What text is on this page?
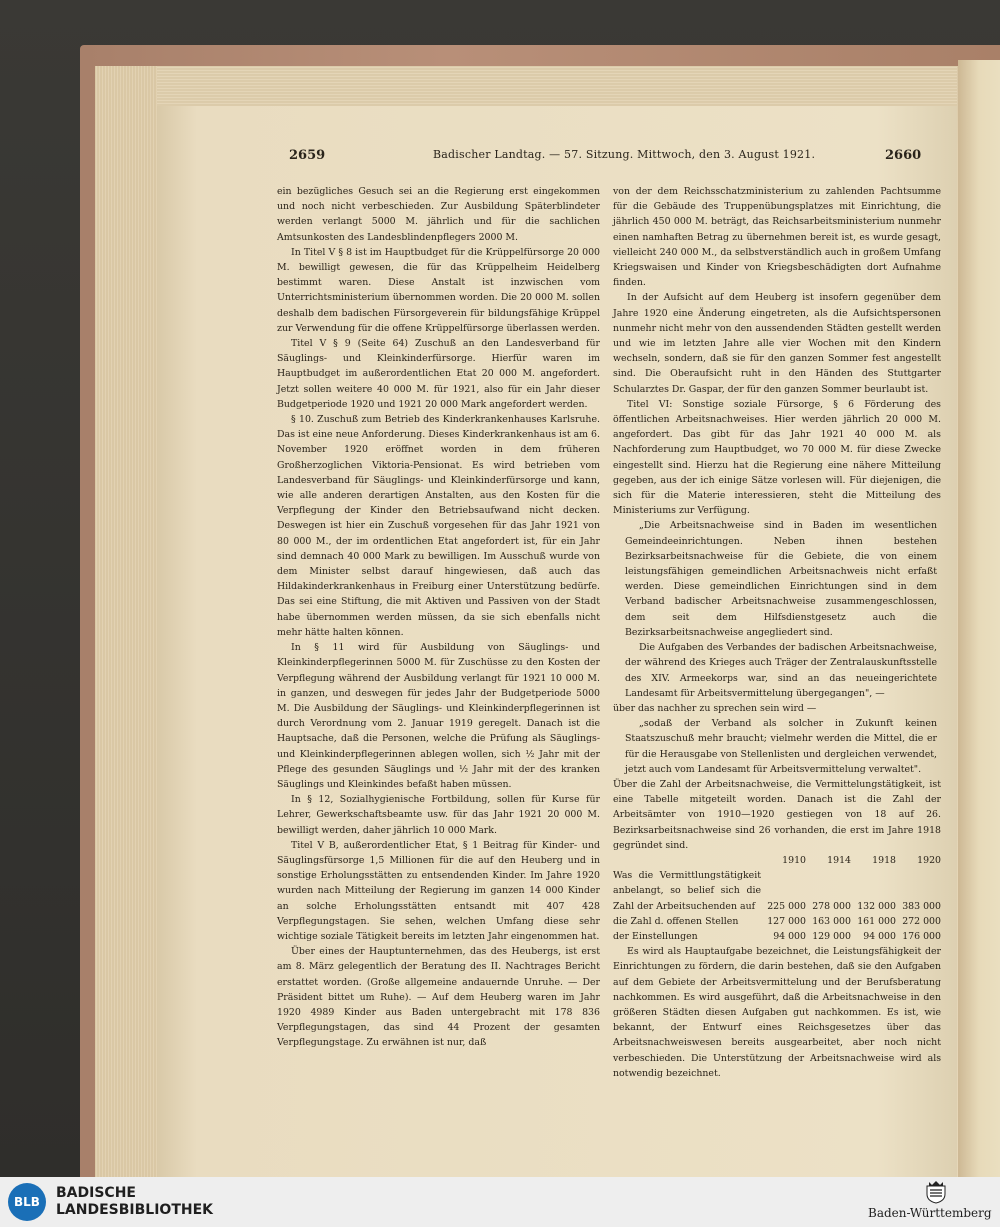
2659	Badischer Landtag. — 57. Sitzung. Mittwoch, den 3. August 1921.	2660

ein bezügliches Gesuch sei an die Regierung erst eingekommen und noch nicht verbeschieden. Zur Ausbildung Späterblindeter werden verlangt 5000 M. jährlich und für die sachlichen Amtsunkosten des Landesblindenpflegers 2000 M.

In Titel V § 8 ist im Hauptbudget für die Krüppelfürsorge 20 000 M. bewilligt gewesen, die für das Krüppelheim Heidelberg bestimmt waren. Diese Anstalt ist inzwischen vom Unterrichtsministerium übernommen worden. Die 20 000 M. sollen deshalb dem badischen Fürsorgeverein für bildungsfähige Krüppel zur Verwendung für die offene Krüppelfürsorge überlassen werden.

Titel V § 9 (Seite 64) Zuschuß an den Landesverband für Säuglings- und Kleinkinderfürsorge. Hierfür waren im Hauptbudget im außerordentlichen Etat 20 000 M. angefordert. Jetzt sollen weitere 40 000 M. für 1921, also für ein Jahr dieser Budgetperiode 1920 und 1921 20 000 Mark angefordert werden.

§ 10. Zuschuß zum Betrieb des Kinderkrankenhauses Karlsruhe. Das ist eine neue Anforderung. Dieses Kinderkrankenhaus ist am 6. November 1920 eröffnet worden in dem früheren Großherzoglichen Viktoria-Pensionat. Es wird betrieben vom Landesverband für Säuglings- und Kleinkinderfürsorge und kann, wie alle anderen derartigen Anstalten, aus den Kosten für die Verpflegung der Kinder den Betriebsaufwand nicht decken. Deswegen ist hier ein Zuschuß vorgesehen für das Jahr 1921 von 80 000 M., der im ordentlichen Etat angefordert ist, für ein Jahr sind demnach 40 000 Mark zu bewilligen. Im Ausschuß wurde von dem Minister selbst darauf hingewiesen, daß auch das Hildakinderkrankenhaus in Freiburg einer Unterstützung bedürfe. Das sei eine Stiftung, die mit Aktiven und Passiven von der Stadt habe übernommen werden müssen, da sie sich ebenfalls nicht mehr hätte halten können.

In § 11 wird für Ausbildung von Säuglings- und Kleinkinderpflegerinnen 5000 M. für Zuschüsse zu den Kosten der Verpflegung während der Ausbildung verlangt für 1921 10 000 M. in ganzen, und deswegen für jedes Jahr der Budgetperiode 5000 M. Die Ausbildung der Säuglings- und Kleinkinderpflegerinnen ist durch Verordnung vom 2. Januar 1919 geregelt. Danach ist die Hauptsache, daß die Personen, welche die Prüfung als Säuglings- und Kleinkinderpflegerinnen ablegen wollen, sich ½ Jahr mit der Pflege des gesunden Säuglings und ½ Jahr mit der des kranken Säuglings und Kleinkindes befaßt haben müssen.

In § 12, Sozialhygienische Fortbildung, sollen für Kurse für Lehrer, Gewerkschaftsbeamte usw. für das Jahr 1921 20 000 M. bewilligt werden, daher jährlich 10 000 Mark.

Titel V B, außerordentlicher Etat, § 1 Beitrag für Kinder- und Säuglingsfürsorge 1,5 Millionen für die auf den Heuberg und in sonstige Erholungsstätten zu entsendenden Kinder. Im Jahre 1920 wurden nach Mitteilung der Regierung im ganzen 14 000 Kinder an solche Erholungsstätten entsandt mit 407 428 Verpflegungstagen. Sie sehen, welchen Umfang diese sehr wichtige soziale Tätigkeit bereits im letzten Jahr eingenommen hat.

Über eines der Hauptunternehmen, das des Heubergs, ist erst am 8. März gelegentlich der Beratung des II. Nachtrages Bericht erstattet worden. (Große allgemeine andauernde Unruhe. — Der Präsident bittet um Ruhe). — Auf dem Heuberg waren im Jahr 1920 4989 Kinder aus Baden untergebracht mit 178 836 Verpflegungstagen, das sind 44 Prozent der gesamten Verpflegungstage. Zu erwähnen ist nur, daß

von der dem Reichsschatzministerium zu zahlenden Pachtsumme für die Gebäude des Truppenübungsplatzes mit Einrichtung, die jährlich 450 000 M. beträgt, das Reichsarbeitsministerium nunmehr einen namhaften Betrag zu übernehmen bereit ist, es wurde gesagt, vielleicht 240 000 M., da selbstverständlich auch in großem Umfang Kriegswaisen und Kinder von Kriegsbeschädigten dort Aufnahme finden.

In der Aufsicht auf dem Heuberg ist insofern gegenüber dem Jahre 1920 eine Änderung eingetreten, als die Aufsichtspersonen nunmehr nicht mehr von den aussendenden Städten gestellt werden und wie im letzten Jahre alle vier Wochen mit den Kindern wechseln, sondern, daß sie für den ganzen Sommer fest angestellt sind. Die Oberaufsicht ruht in den Händen des Stuttgarter Schularztes Dr. Gaspar, der für den ganzen Sommer beurlaubt ist.

Titel VI: Sonstige soziale Fürsorge, § 6 Förderung des öffentlichen Arbeitsnachweises. Hier werden jährlich 20 000 M. angefordert. Das gibt für das Jahr 1921 40 000 M. als Nachforderung zum Hauptbudget, wo 70 000 M. für diese Zwecke eingestellt sind. Hierzu hat die Regierung eine nähere Mitteilung gegeben, aus der ich einige Sätze vorlesen will. Für diejenigen, die sich für die Materie interessieren, steht die Mitteilung des Ministeriums zur Verfügung.

„Die Arbeitsnachweise sind in Baden im wesentlichen Gemeindeeinrichtungen. Neben ihnen bestehen Bezirksarbeitsnachweise für die Gebiete, die von einem leistungsfähigen gemeindlichen Arbeitsnachweis nicht erfaßt werden. Diese gemeindlichen Einrichtungen sind in dem Verband badischer Arbeitsnachweise zusammengeschlossen, dem seit dem Hilfsdienstgesetz auch die Bezirksarbeitsnachweise angegliedert sind.

Die Aufgaben des Verbandes der badischen Arbeitsnachweise, der während des Krieges auch Träger der Zentralauskunftsstelle des XIV. Armeekorps war, sind an das neueingerichtete Landesamt für Arbeitsvermittelung übergegangen", —

über das nachher zu sprechen sein wird —

„sodaß der Verband als solcher in Zukunft keinen Staatszuschuß mehr braucht; vielmehr werden die Mittel, die er für die Herausgabe von Stellenlisten und dergleichen verwendet, jetzt auch vom Landesamt für Arbeitsvermittelung verwaltet".

Über die Zahl der Arbeitsnachweise, die Vermittelungstätigkeit, ist eine Tabelle mitgeteilt worden. Danach ist die Zahl der Arbeitsämter von 1910—1920 gestiegen von 18 auf 26. Bezirksarbeitsnachweise sind 26 vorhanden, die erst im Jahre 1918 gegründet sind.

	1910	1914	1918	1920
Was die Vermittlungstätigkeit anbelangt, so belief sich die Zahl der Arbeitsuchenden auf	225 000	278 000	132 000	383 000
die Zahl d. offenen Stellen	127 000	163 000	161 000	272 000
der Einstellungen	94 000	129 000	94 000	176 000

Es wird als Hauptaufgabe bezeichnet, die Leistungsfähigkeit der Einrichtungen zu fördern, die darin bestehen, daß sie den Aufgaben auf dem Gebiete der Arbeitsvermittelung und der Berufsberatung nachkommen. Es wird ausgeführt, daß die Arbeitsnachweise in den größeren Städten diesen Aufgaben gut nachkommen. Es ist, wie bekannt, der Entwurf eines Reichsgesetzes über das Arbeitsnachweiswesen bereits ausgearbeitet, aber noch nicht verbeschieden. Die Unterstützung der Arbeitsnachweise wird als notwendig bezeichnet.

BLB
BADISCHE
LANDESBIBLIOTHEK	Baden-Württemberg
